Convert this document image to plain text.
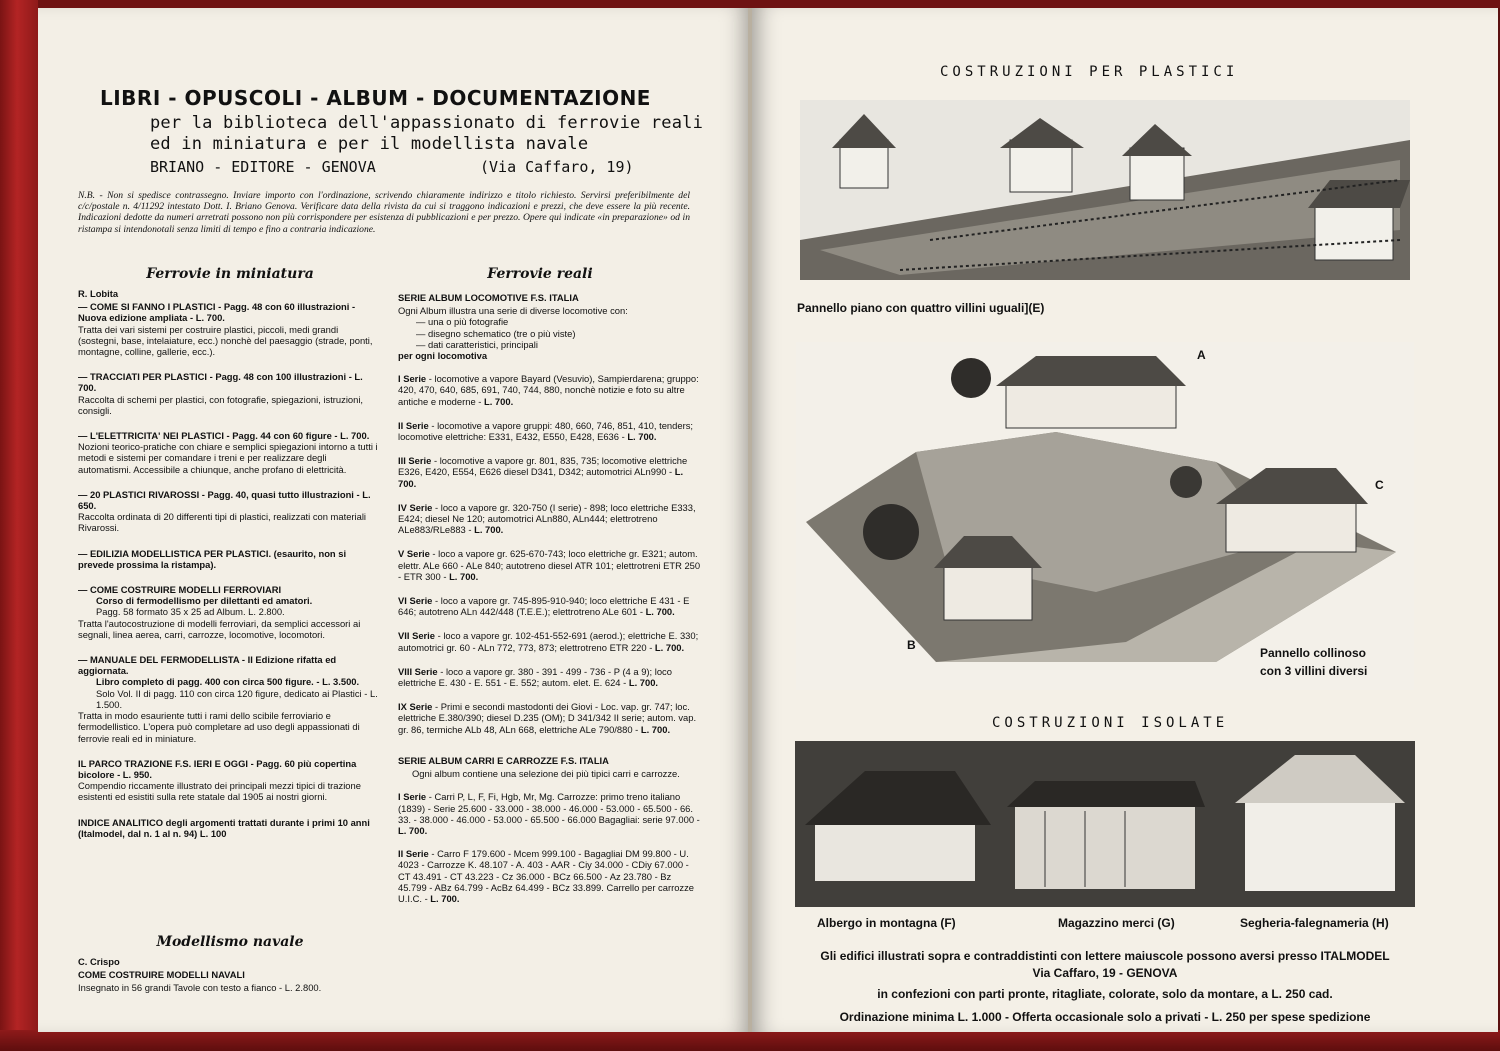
LIBRI - OPUSCOLI - ALBUM - DOCUMENTAZIONE
per la biblioteca dell'appassionato di ferrovie reali
ed in miniatura e per il modellista navale
BRIANO - EDITORE - GENOVA	(Via Caffaro, 19)
N.B. - Non si spedisce contrassegno. Inviare importo con l'ordinazione, scrivendo chiaramente indirizzo e titolo richiesto. Servirsi preferibilmente del c/c/postale n. 4/11292 intestato Dott. I. Briano Genova. Verificare data della rivista da cui si traggono indicazioni e prezzi, che deve essere la più recente. Indicazioni dedotte da numeri arretrati possono non più corrispondere per esistenza di pubblicazioni e per prezzo. Opere qui indicate «in preparazione» od in ristampa si intendonotali senza limiti di tempo e fino a contraria indicazione.
Ferrovie in miniatura

R. Lobita

— COME SI FANNO I PLASTICI - Pagg. 48 con 60 illustrazioni - Nuova edizione ampliata - L. 700.

Tratta dei vari sistemi per costruire plastici, piccoli, medi grandi (sostegni, base, intelaiature, ecc.) nonchè del paesaggio (strade, ponti, montagne, colline, gallerie, ecc.).

— TRACCIATI PER PLASTICI - Pagg. 48 con 100 illustrazioni - L. 700.

Raccolta di schemi per plastici, con fotografie, spiegazioni, istruzioni, consigli.

— L'ELETTRICITA' NEI PLASTICI - Pagg. 44 con 60 figure - L. 700.

Nozioni teorico-pratiche con chiare e semplici spiegazioni intorno a tutti i metodi e sistemi per comandare i treni e per realizzare degli automatismi. Accessibile a chiunque, anche profano di elettricità.

— 20 PLASTICI RIVAROSSI - Pagg. 40, quasi tutto illustrazioni - L. 650.

Raccolta ordinata di 20 differenti tipi di plastici, realizzati con materiali Rivarossi.

— EDILIZIA MODELLISTICA PER PLASTICI. (esaurito, non si prevede prossima la ristampa).

— COME COSTRUIRE MODELLI FERROVIARI

Corso di fermodellismo per dilettanti ed amatori.

Pagg. 58 formato 35 x 25 ad Album. L. 2.800.

Tratta l'autocostruzione di modelli ferroviari, da semplici accessori ai segnali, linea aerea, carri, carrozze, locomotive, locomotori.

— MANUALE DEL FERMODELLISTA - II Edizione rifatta ed aggiornata.

Libro completo di pagg. 400 con circa 500 figure. - L. 3.500.

Solo Vol. II di pagg. 110 con circa 120 figure, dedicato ai Plastici - L. 1.500.

Tratta in modo esauriente tutti i rami dello scibile ferroviario e fermodellistico. L'opera può completare ad uso degli appassionati di ferrovie reali ed in miniature.

IL PARCO TRAZIONE F.S. IERI E OGGI - Pagg. 60 più copertina bicolore - L. 950.

Compendio riccamente illustrato dei principali mezzi tipici di trazione esistenti ed esistiti sulla rete statale dal 1905 ai nostri giorni.

INDICE ANALITICO degli argomenti trattati durante i primi 10 anni (Italmodel, dal n. 1 al n. 94) L. 100

Modellismo navale

C. Crispo

COME COSTRUIRE MODELLI NAVALI

Insegnato in 56 grandi Tavole con testo a fianco - L. 2.800.

Ferrovie reali

SERIE ALBUM LOCOMOTIVE F.S. ITALIA

Ogni Album illustra una serie di diverse locomotive con:

— una o più fotografie

— disegno schematico (tre o più viste)

— dati caratteristici, principali

per ogni locomotiva

I Serie - locomotive a vapore Bayard (Vesuvio), Sampierdarena; gruppo: 420, 470, 640, 685, 691, 740, 744, 880, nonchè notizie e foto su altre antiche e moderne - L. 700.

II Serie - locomotive a vapore gruppi: 480, 660, 746, 851, 410, tenders; locomotive elettriche: E331, E432, E550, E428, E636 - L. 700.

III Serie - locomotive a vapore gr. 801, 835, 735; locomotive elettriche E326, E420, E554, E626 diesel D341, D342; automotrici ALn990 - L. 700.

IV Serie - loco a vapore gr. 320-750 (I serie) - 898; loco elettriche E333, E424; diesel Ne 120; automotrici ALn880, ALn444; elettrotreno ALe883/RLe883 - L. 700.

V Serie - loco a vapore gr. 625-670-743; loco elettriche gr. E321; autom. elettr. ALe 660 - ALe 840; autotreno diesel ATR 101; elettrotreni ETR 250 - ETR 300 - L. 700.

VI Serie - loco a vapore gr. 745-895-910-940; loco elettriche E 431 - E 646; autotreno ALn 442/448 (T.E.E.); elettrotreno ALe 601 - L. 700.

VII Serie - loco a vapore gr. 102-451-552-691 (aerod.); elettriche E. 330; automotrici gr. 60 - ALn 772, 773, 873; elettrotreno ETR 220 - L. 700.

VIII Serie - loco a vapore gr. 380 - 391 - 499 - 736 - P (4 a 9); loco elettriche E. 430 - E. 551 - E. 552; autom. elet. E. 624 - L. 700.

IX Serie - Primi e secondi mastodonti dei Giovi - Loc. vap. gr. 747; loc. elettriche E.380/390; diesel D.235 (OM); D 341/342 II serie; autom. vap. gr. 86, termiche ALb 48, ALn 668, elettriche ALe 790/880 - L. 700.

SERIE ALBUM CARRI E CARROZZE F.S. ITALIA

Ogni album contiene una selezione dei più tipici carri e carrozze.

I Serie - Carri P, L, F, Fi, Hgb, Mr, Mg. Carrozze: primo treno italiano (1839) - Serie 25.600 - 33.000 - 38.000 - 46.000 - 53.000 - 65.500 - 66. 33. - 38.000 - 46.000 - 53.000 - 65.500 - 66.000 Bagagliai: serie 97.000 - L. 700.

II Serie - Carro F 179.600 - Mcem 999.100 - Bagagliai DM 99.800 - U. 4023 - Carrozze K. 48.107 - A. 403 - AAR - Ciy 34.000 - CDiy 67.000 - CT 43.491 - CT 43.223 - Cz 36.000 - BCz 66.500 - Az 23.780 - Bz 45.799 - ABz 64.799 - AcBz 64.499 - BCz 33.899. Carrello per carrozze U.I.C. - L. 700.

COSTRUZIONI PER PLASTICI
Pannello piano con quattro villini uguali](E)
A
C
B
Pannello collinoso
con 3 villini diversi
COSTRUZIONI ISOLATE
Albergo in montagna (F)	Magazzino merci (G)	Segheria-falegnameria (H)
Gli edifici illustrati sopra e contraddistinti con lettere maiuscole possono aversi presso ITALMODEL
Via Caffaro, 19 - GENOVA
in confezioni con parti pronte, ritagliate, colorate, solo da montare, a L. 250 cad.
Ordinazione minima L. 1.000 - Offerta occasionale solo a privati - L. 250 per spese spedizione
